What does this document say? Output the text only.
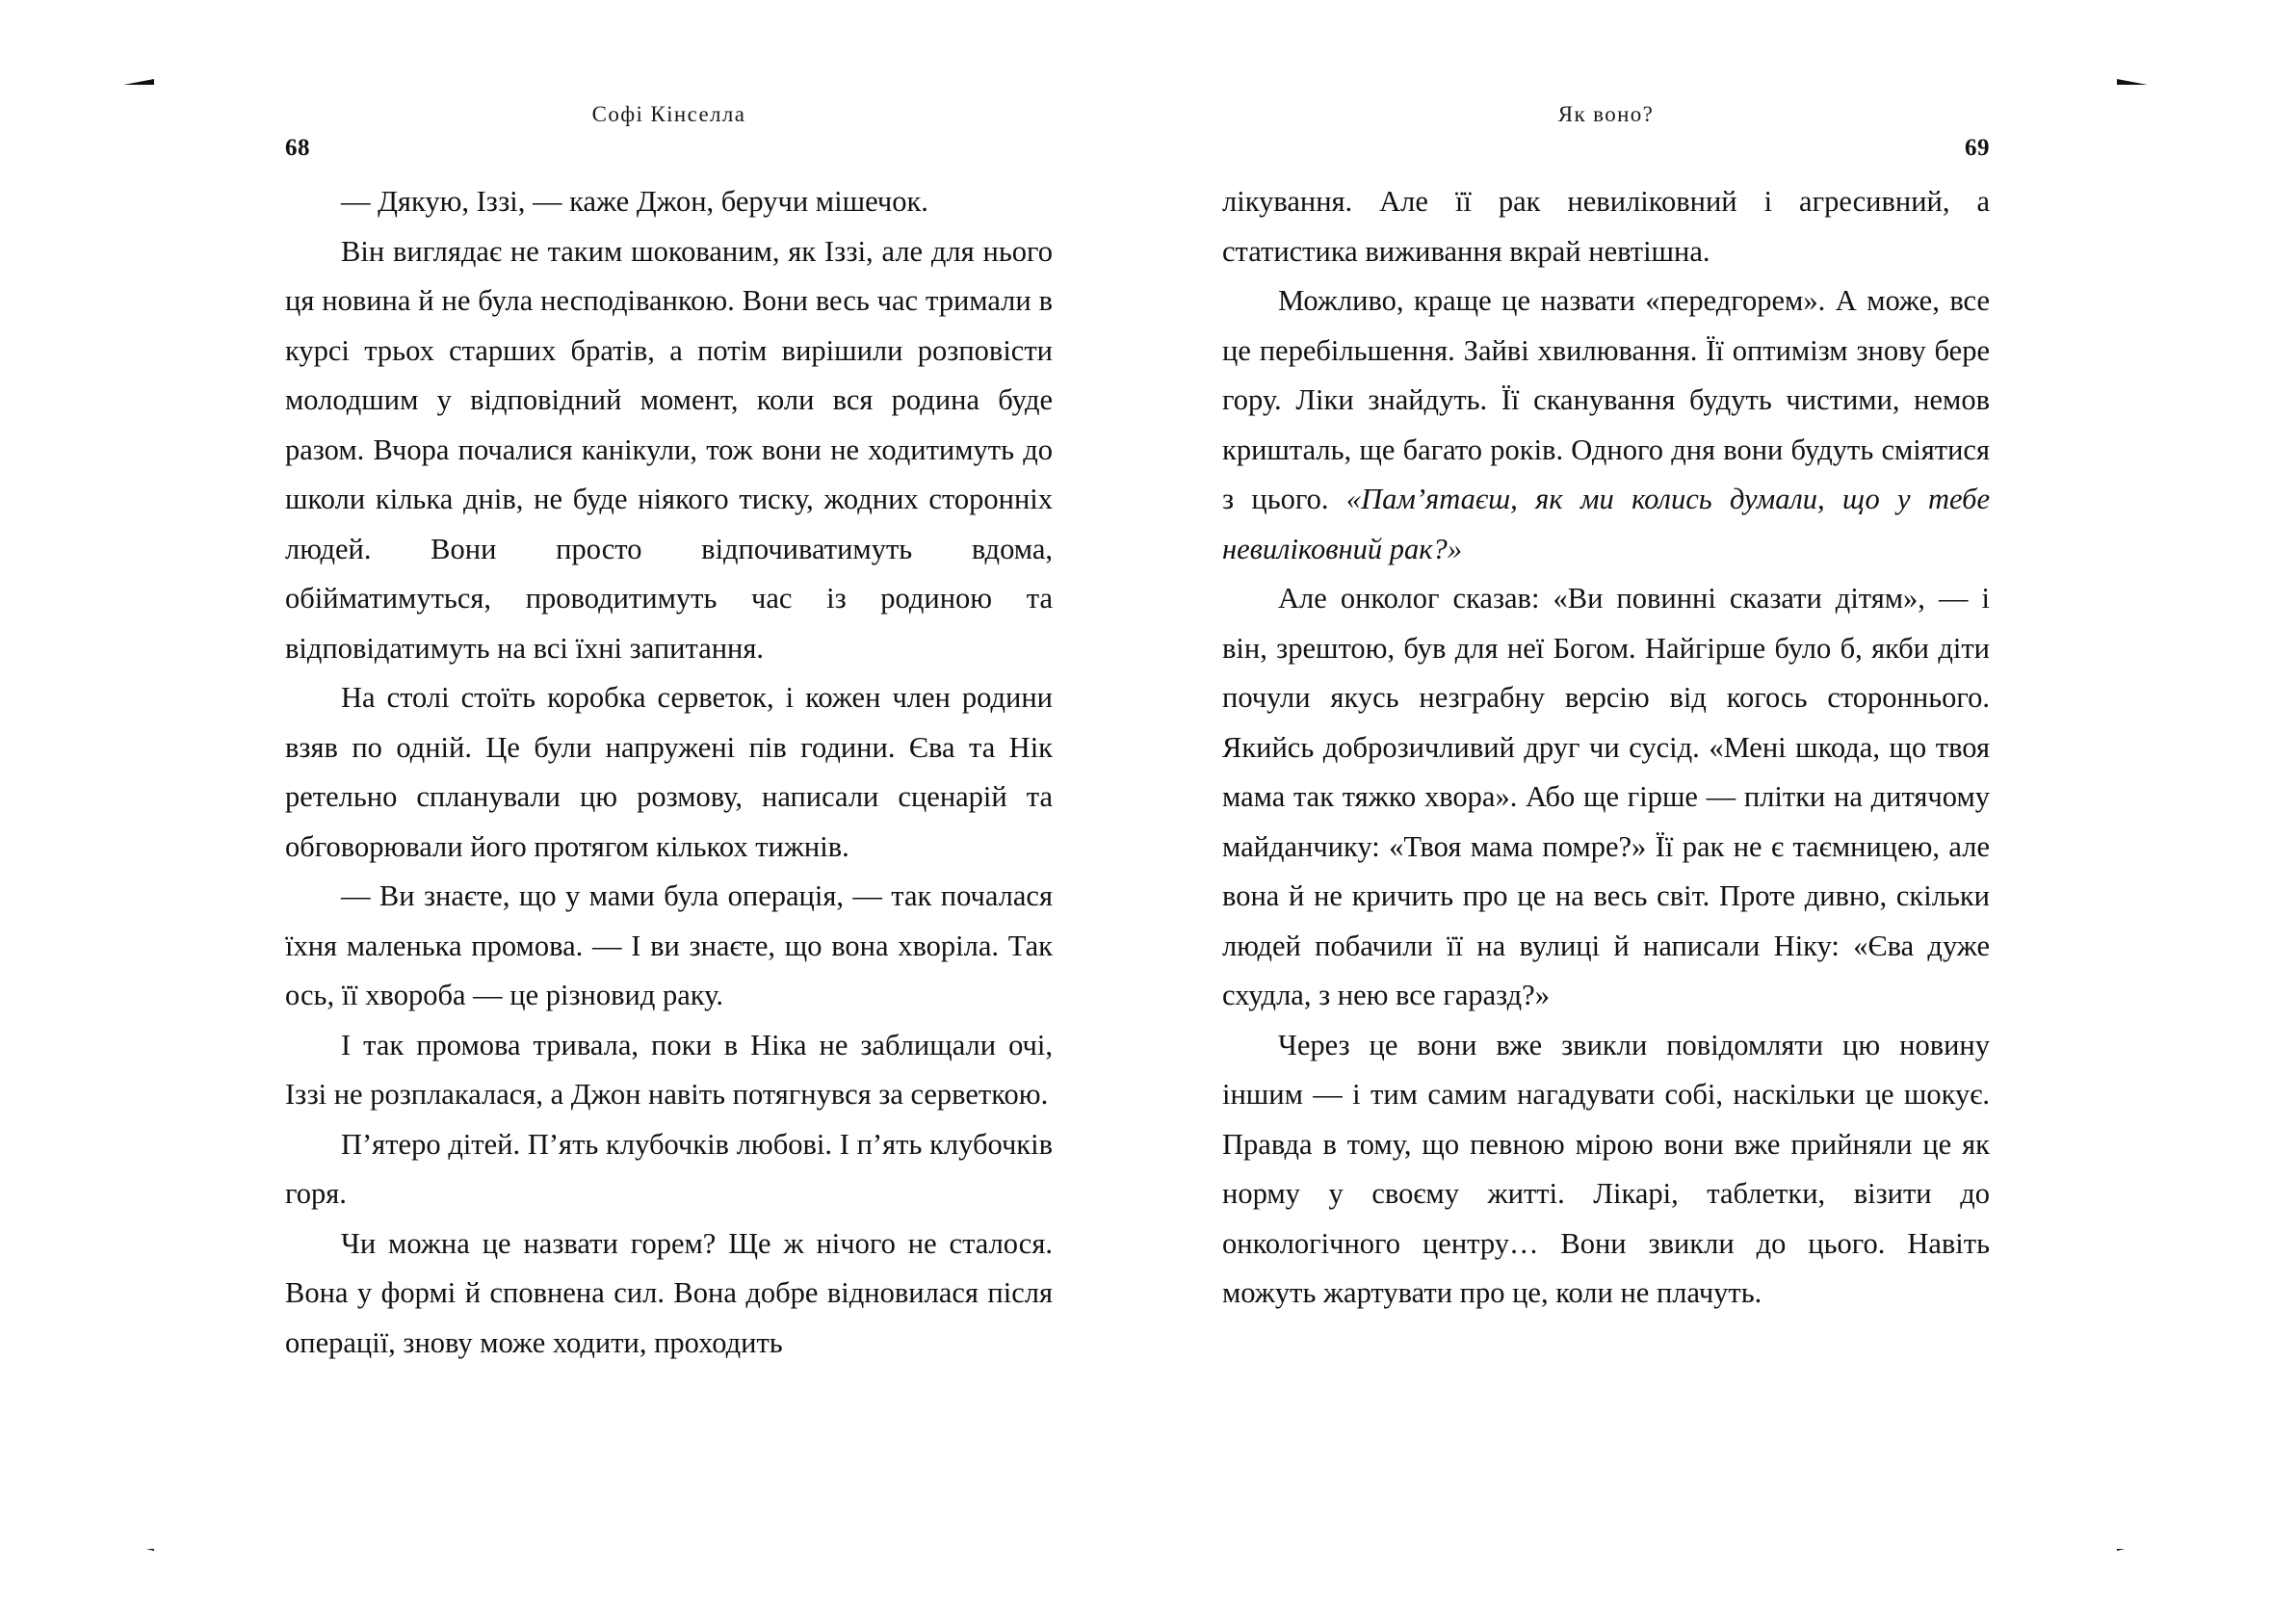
Софі Кінселла
68

— Дякую, Іззі, — каже Джон, беручи мішечок.

Він виглядає не таким шокованим, як Іззі, але для нього ця новина й не була несподіванкою. Вони весь час тримали в курсі трьох старших братів, а потім вирішили розповісти молодшим у відповідний момент, коли вся родина буде разом. Вчора почалися канікули, тож вони не ходитимуть до школи кілька днів, не буде ніякого тиску, жодних сторонніх людей. Вони просто відпочиватимуть вдома, обійматимуться, проводитимуть час із родиною та відповідатимуть на всі їхні запитання.

На столі стоїть коробка серветок, і кожен член родини взяв по одній. Це були напружені пів години. Єва та Нік ретельно спланували цю розмову, написали сценарій та обговорювали його протягом кількох тижнів.

— Ви знаєте, що у мами була операція, — так почалася їхня маленька промова. — І ви знаєте, що вона хворіла. Так ось, її хвороба — це різновид раку.

І так промова тривала, поки в Ніка не заблищали очі, Іззі не розплакалася, а Джон навіть потягнувся за серветкою.

П’ятеро дітей. П’ять клубочків любові. І п’ять клубочків горя.

Чи можна це назвати горем? Ще ж нічого не сталося. Вона у формі й сповнена сил. Вона добре відновилася після операції, знову може ходити, проходить

Як воно?
69

лікування. Але її рак невиліковний і агресивний, а статистика виживання вкрай невтішна.

Можливо, краще це назвати «передгорем». А може, все це перебільшення. Зайві хвилювання. Її оптимізм знову бере гору. Ліки знайдуть. Її сканування будуть чистими, немов кришталь, ще багато років. Одного дня вони будуть сміятися з цього. «Пам’ятаєш, як ми колись думали, що у тебе невиліковний рак?»

Але онколог сказав: «Ви повинні сказати дітям», — і він, зрештою, був для неї Богом. Найгірше було б, якби діти почули якусь незграбну версію від когось стороннього. Якийсь доброзичливий друг чи сусід. «Мені шкода, що твоя мама так тяжко хвора». Або ще гірше — плітки на дитячому майданчику: «Твоя мама помре?» Її рак не є таємницею, але вона й не кричить про це на весь світ. Проте дивно, скільки людей побачили її на вулиці й написали Ніку: «Єва дуже схудла, з нею все гаразд?»

Через це вони вже звикли повідомляти цю новину іншим — і тим самим нагадувати собі, наскільки це шокує. Правда в тому, що певною мірою вони вже прийняли це як норму у своєму житті. Лікарі, таблетки, візити до онкологічного центру… Вони звикли до цього. Навіть можуть жартувати про це, коли не плачуть.
